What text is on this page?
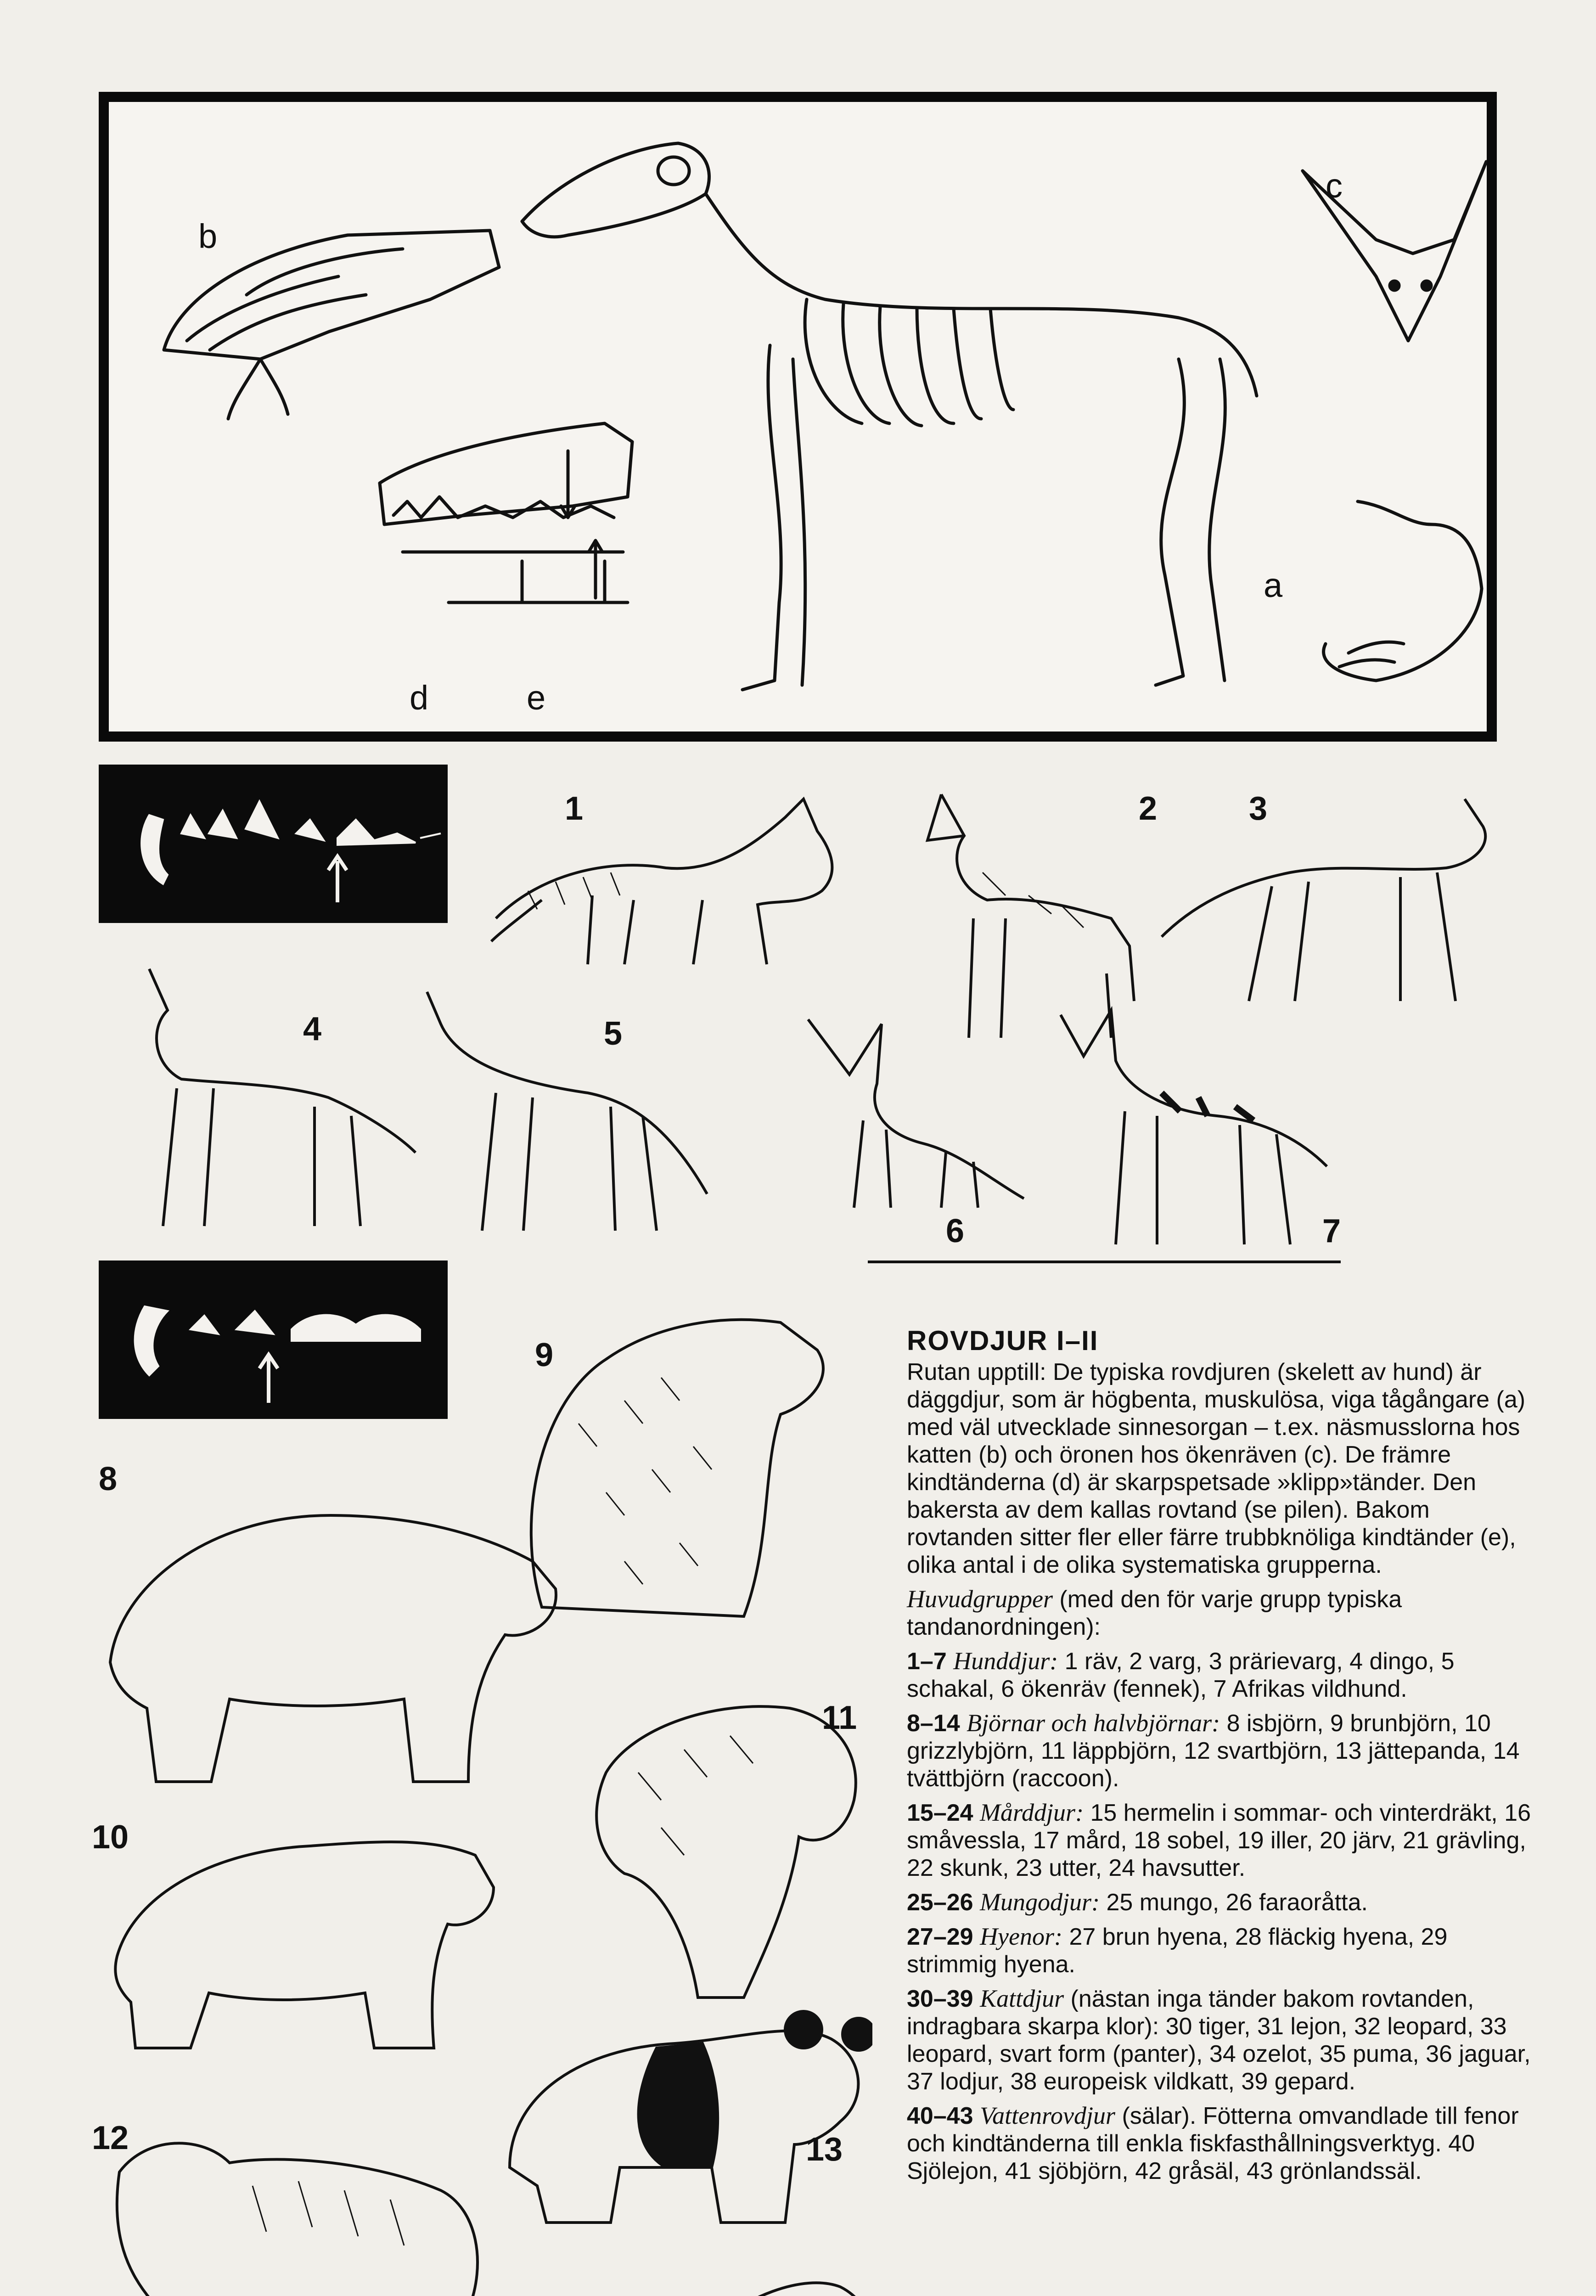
b
c
a
d	e
1	2	3
4	5
6	7
8
9
10
11
12	13
ROVDJUR I–II

Rutan upptill: De typiska rovdjuren (skelett av hund) är däggdjur, som är högbenta, muskulösa, viga tågångare (a) med väl utvecklade sinnesorgan – t.ex. näsmusslorna hos katten (b) och öronen hos ökenräven (c). De främre kindtänderna (d) är skarpspetsade »klipp»tänder. Den bakersta av dem kallas rovtand (se pilen). Bakom rovtanden sitter fler eller färre trubbknöliga kindtänder (e), olika antal i de olika systematiska grupperna.

Huvudgrupper (med den för varje grupp typiska tandanordningen):

1–7 Hunddjur: 1 räv, 2 varg, 3 prärievarg, 4 dingo, 5 schakal, 6 ökenräv (fennek), 7 Afrikas vildhund.

8–14 Björnar och halvbjörnar: 8 isbjörn, 9 brunbjörn, 10 grizzlybjörn, 11 läppbjörn, 12 svartbjörn, 13 jättepanda, 14 tvättbjörn (raccoon).

15–24 Mårddjur: 15 hermelin i sommar- och vinterdräkt, 16 småvessla, 17 mård, 18 sobel, 19 iller, 20 järv, 21 grävling, 22 skunk, 23 utter, 24 havsutter.

25–26 Mungodjur: 25 mungo, 26 faraoråtta.

27–29 Hyenor: 27 brun hyena, 28 fläckig hyena, 29 strimmig hyena.

30–39 Kattdjur (nästan inga tänder bakom rovtanden, indragbara skarpa klor): 30 tiger, 31 lejon, 32 leopard, 33 leopard, svart form (panter), 34 ozelot, 35 puma, 36 jaguar, 37 lodjur, 38 europeisk vildkatt, 39 gepard.

40–43 Vattenrovdjur (sälar). Fötterna omvandlade till fenor och kindtänderna till enkla fiskfasthållningsverktyg. 40 Sjölejon, 41 sjöbjörn, 42 gråsäl, 43 grönlandssäl.
